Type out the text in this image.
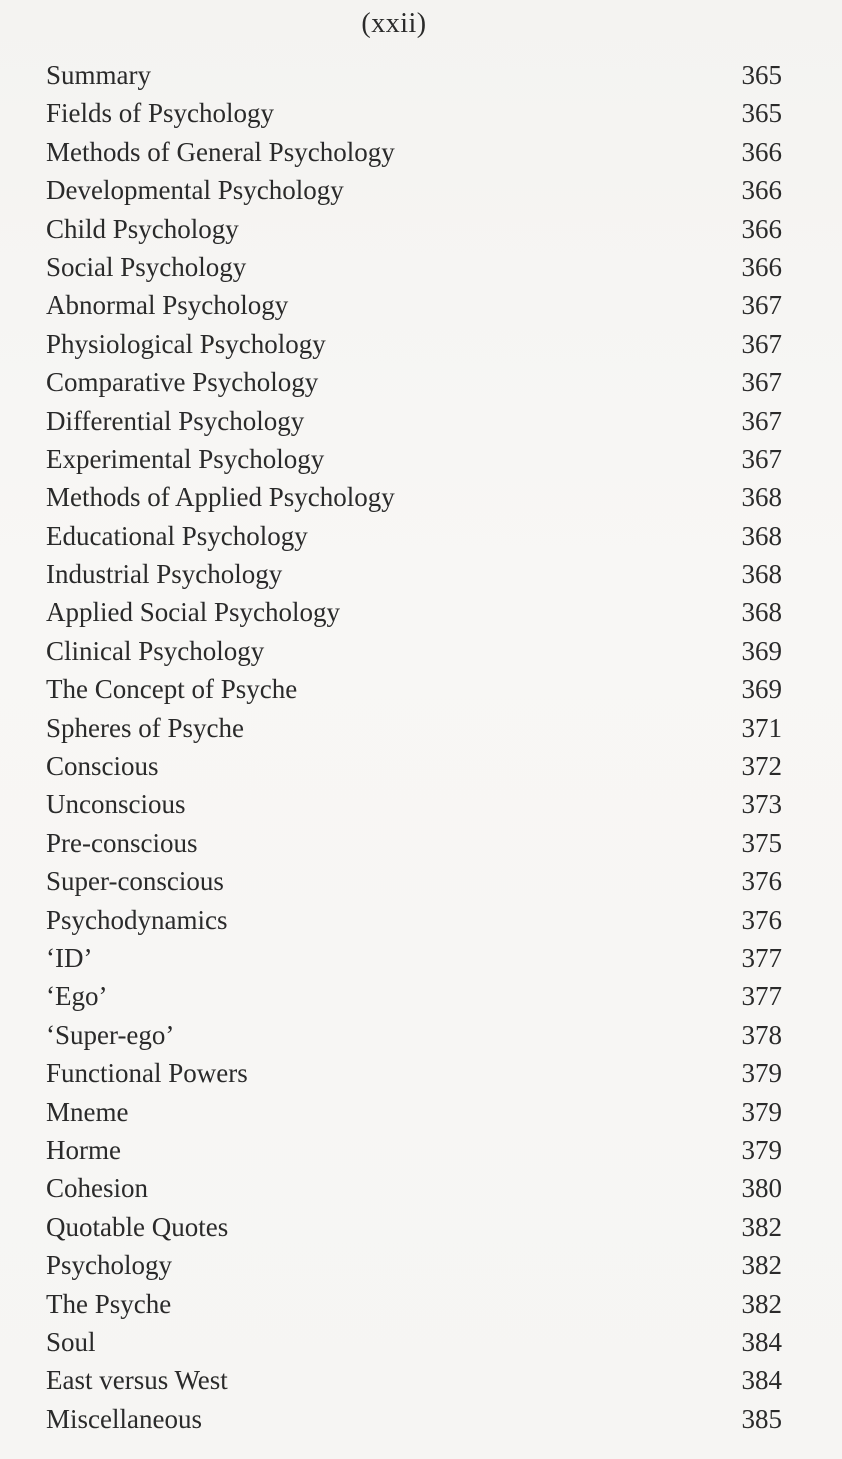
(xxii)
Summary	365
Fields of Psychology	365
Methods of General Psychology	366
Developmental Psychology	366
Child Psychology	366
Social Psychology	366
Abnormal Psychology	367
Physiological Psychology	367
Comparative Psychology	367
Differential Psychology	367
Experimental Psychology	367
Methods of Applied Psychology	368
Educational Psychology	368
Industrial Psychology	368
Applied Social Psychology	368
Clinical Psychology	369
The Concept of Psyche	369
Spheres of Psyche	371
Conscious	372
Unconscious	373
Pre-conscious	375
Super-conscious	376
Psychodynamics	376
‘ID’	377
‘Ego’	377
‘Super-ego’	378
Functional Powers	379
Mneme	379
Horme	379
Cohesion	380
Quotable Quotes	382
Psychology	382
The Psyche	382
Soul	384
East versus West	384
Miscellaneous	385
